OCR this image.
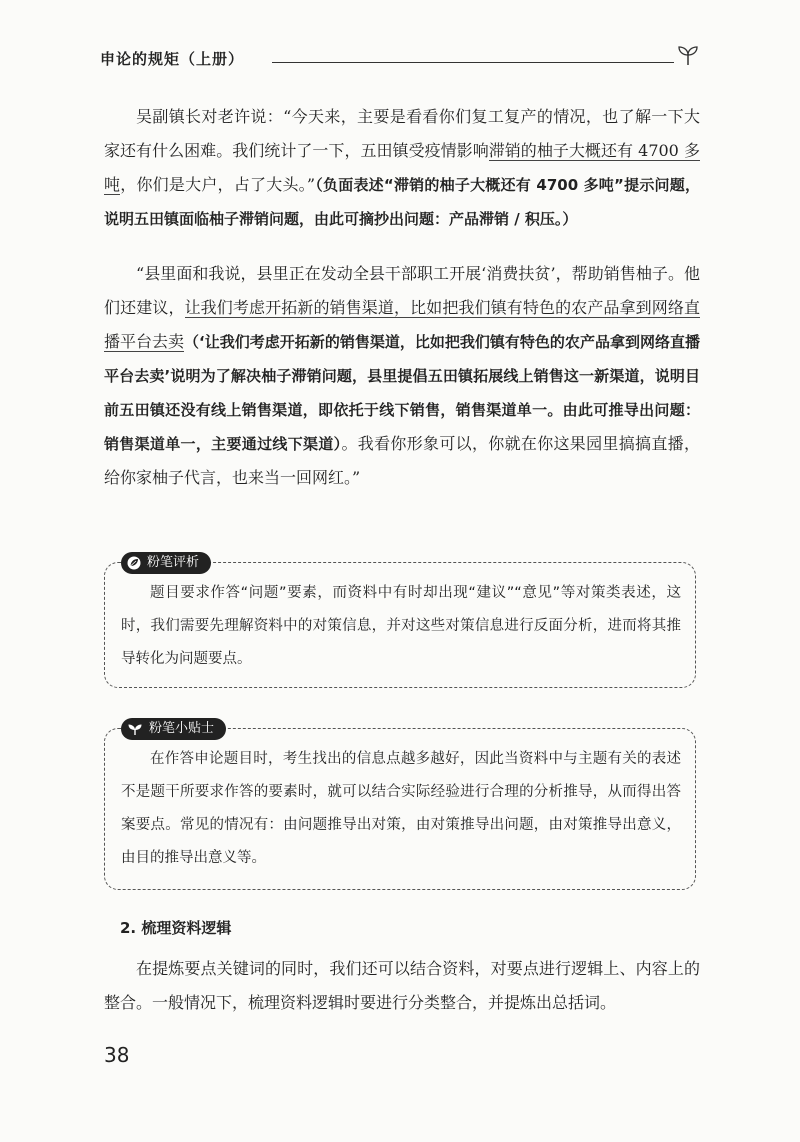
申论的规矩（上册）

吴副镇长对老许说：“今天来，主要是看看你们复工复产的情况，也了解一下大家还有什么困难。我们统计了一下，五田镇受疫情影响滞销的柚子大概还有 4700 多吨，你们是大户，占了大头。”（负面表述“滞销的柚子大概还有 4700 多吨”提示问题，说明五田镇面临柚子滞销问题，由此可摘抄出问题：产品滞销 / 积压。）

“县里面和我说，县里正在发动全县干部职工开展‘消费扶贫’，帮助销售柚子。他们还建议，让我们考虑开拓新的销售渠道，比如把我们镇有特色的农产品拿到网络直播平台去卖（‘让我们考虑开拓新的销售渠道，比如把我们镇有特色的农产品拿到网络直播平台去卖’说明为了解决柚子滞销问题，县里提倡五田镇拓展线上销售这一新渠道，说明目前五田镇还没有线上销售渠道，即依托于线下销售，销售渠道单一。由此可推导出问题：销售渠道单一，主要通过线下渠道）。我看你形象可以，你就在你这果园里搞搞直播，给你家柚子代言，也来当一回网红。”

粉笔评析

题目要求作答“问题”要素，而资料中有时却出现“建议”“意见”等对策类表述，这时，我们需要先理解资料中的对策信息，并对这些对策信息进行反面分析，进而将其推导转化为问题要点。

粉笔小贴士

在作答申论题目时，考生找出的信息点越多越好，因此当资料中与主题有关的表述不是题干所要求作答的要素时，就可以结合实际经验进行合理的分析推导，从而得出答案要点。常见的情况有：由问题推导出对策，由对策推导出问题，由对策推导出意义，由目的推导出意义等。

2. 梳理资料逻辑

在提炼要点关键词的同时，我们还可以结合资料，对要点进行逻辑上、内容上的整合。一般情况下，梳理资料逻辑时要进行分类整合，并提炼出总括词。

38
